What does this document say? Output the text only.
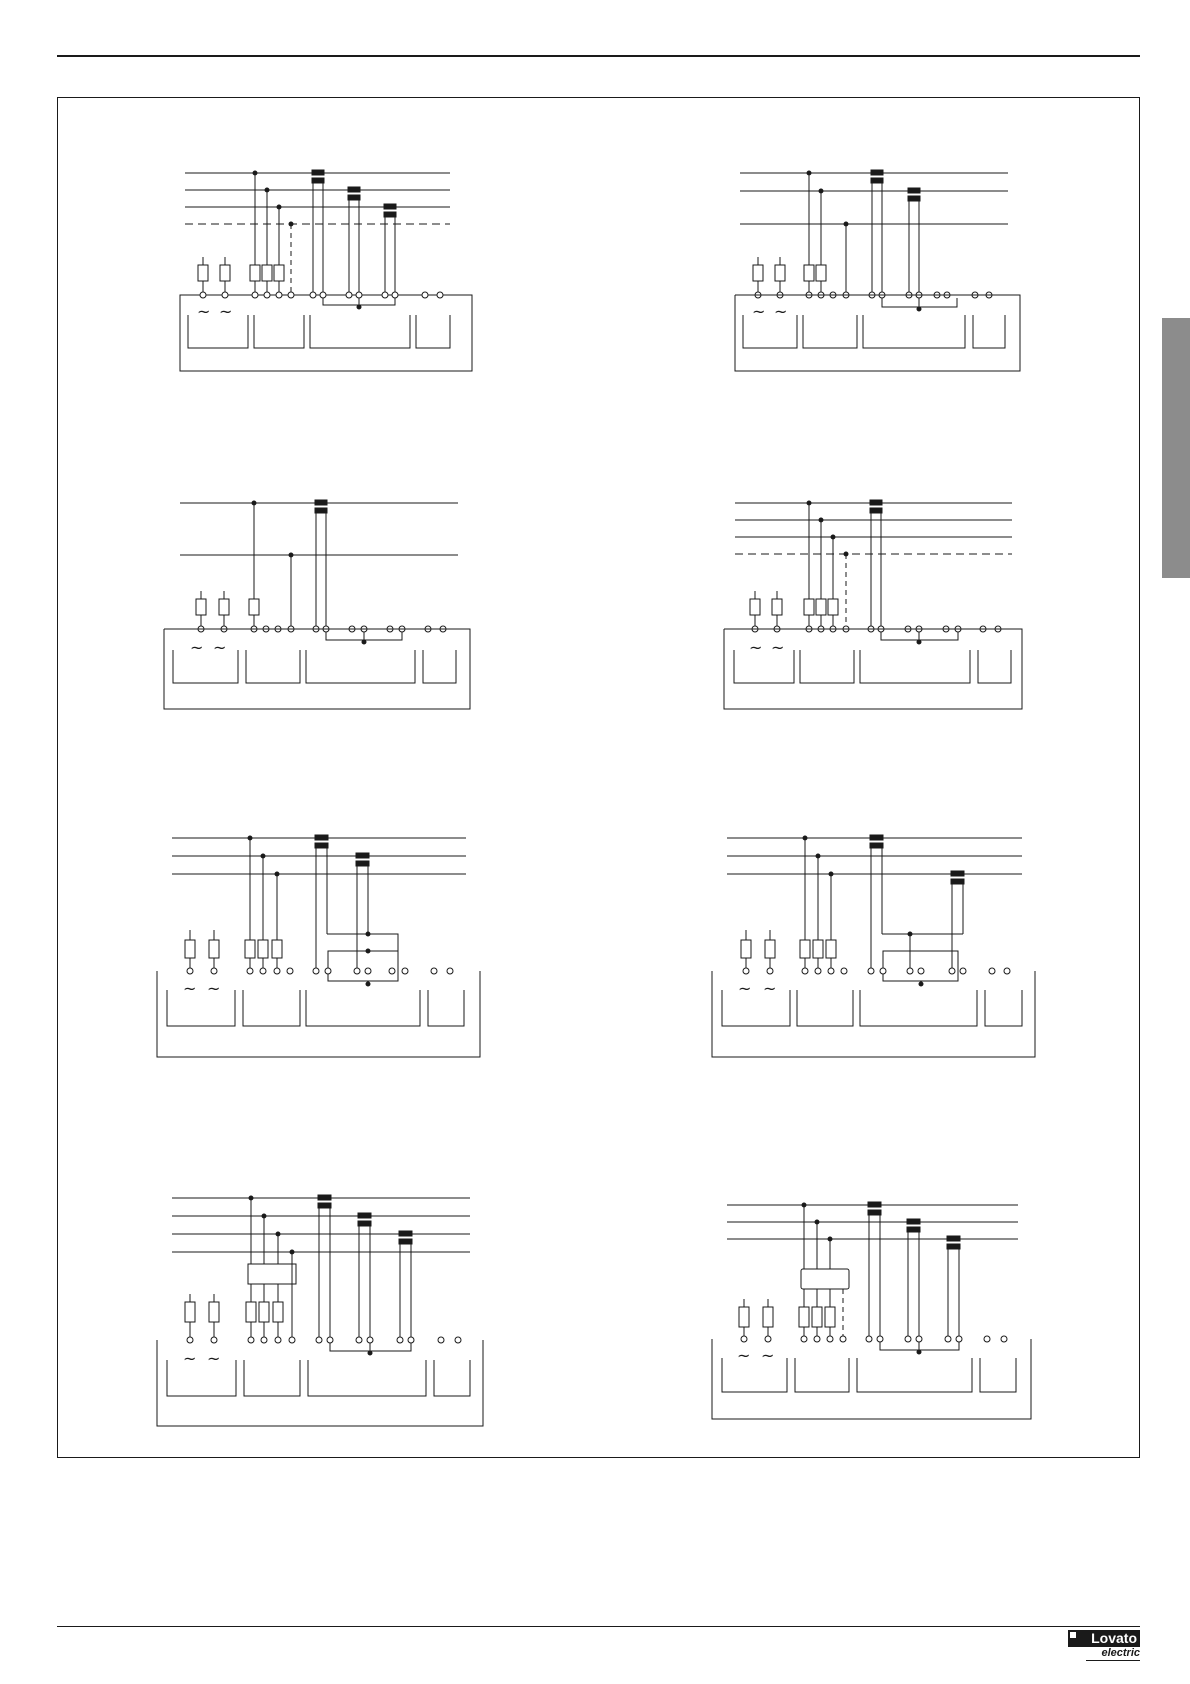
~ ~	~ ~
~ ~	~ ~
~ ~	~ ~
~ ~	~ ~
Lovato
electric
